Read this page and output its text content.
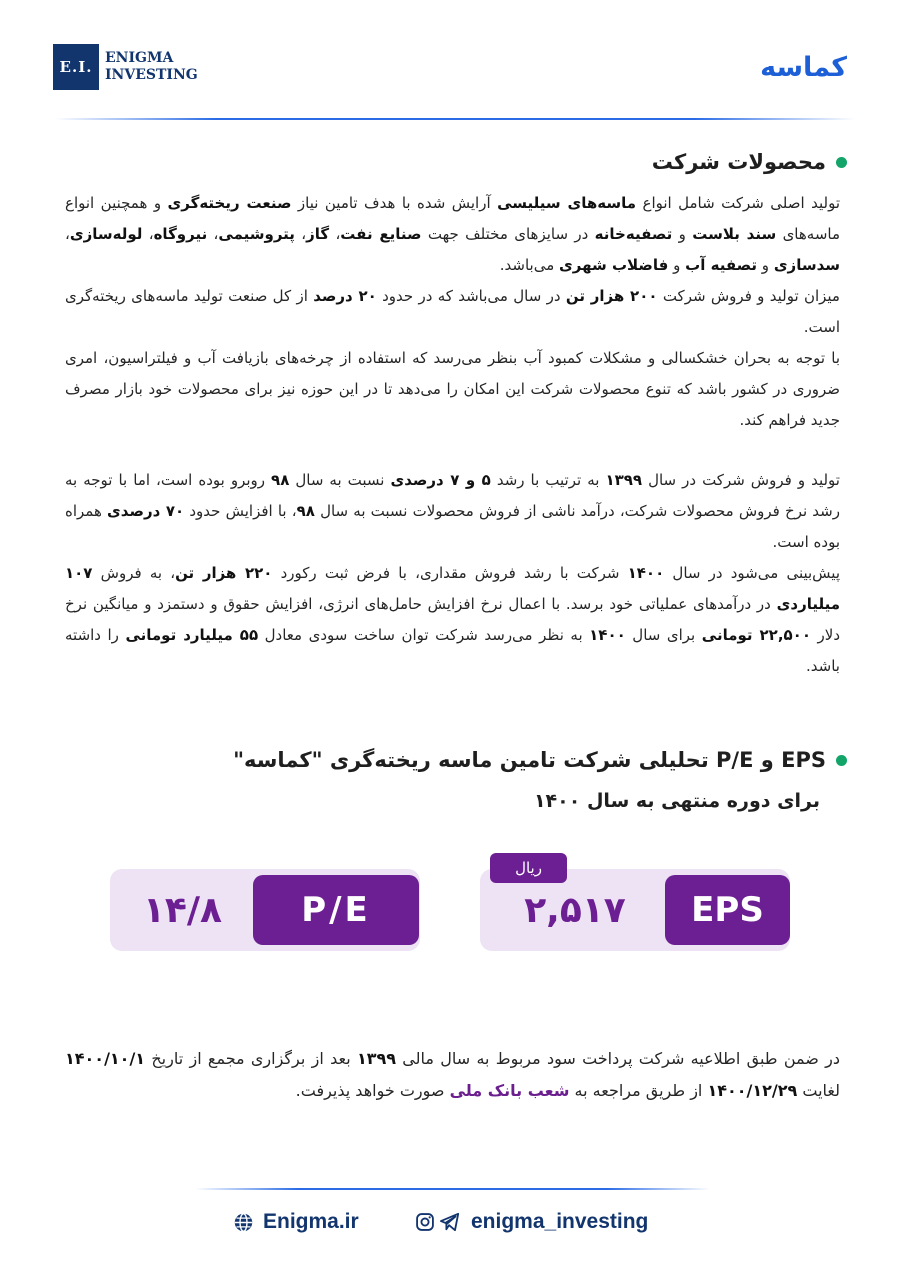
E.I. ENIGMA
INVESTING	کماسه
محصولات شرکت

تولید اصلی شرکت شامل انواع ماسه‌های سیلیسی آرایش شده با هدف تامین نیاز صنعت ریخته‌گری و همچنین انواع ماسه‌های سند بلاست و تصفیه‌خانه در سایزهای مختلف جهت صنایع نفت، گاز، پتروشیمی، نیروگاه، لوله‌سازی، سدسازی و تصفیه آب و فاضلاب شهری می‌باشد.
میزان تولید و فروش شرکت ۲۰۰ هزار تن در سال می‌باشد که در حدود ۲۰ درصد از کل صنعت تولید ماسه‌های ریخته‌گری است.
با توجه به بحران خشکسالی و مشکلات کمبود آب بنظر می‌رسد که استفاده از چرخه‌های بازیافت آب و فیلتراسیون، امری ضروری در کشور باشد که تنوع محصولات شرکت این امکان را می‌دهد تا در این حوزه نیز برای محصولات خود بازار مصرف جدید فراهم کند.

تولید و فروش شرکت در سال ۱۳۹۹ به ترتیب با رشد ۵ و ۷ درصدی نسبت به سال ۹۸ روبرو بوده است، اما با توجه به رشد نرخ فروش محصولات شرکت، درآمد ناشی از فروش محصولات نسبت به سال ۹۸، با افزایش حدود ۷۰ درصدی همراه بوده است.
پیش‌بینی می‌شود در سال ۱۴۰۰ شرکت با رشد فروش مقداری، با فرض ثبت رکورد ۲۲۰ هزار تن، به فروش ۱۰۷ میلیاردی در درآمدهای عملیاتی خود برسد. با اعمال نرخ افزایش حامل‌های انرژی، افزایش حقوق و دستمزد و میانگین نرخ دلار ۲۲,۵۰۰ تومانی برای سال ۱۴۰۰ به نظر می‌رسد شرکت توان ساخت سودی معادل ۵۵ میلیارد تومانی را داشته باشد.

EPS و P/E تحلیلی شرکت تامین ماسه ریخته‌گری "کماسه"
برای دوره منتهی به سال ۱۴۰۰
EPS
۲,۵۱۷
ریال
P/E
۱۴/۸

در ضمن طبق اطلاعیه شرکت پرداخت سود مربوط به سال مالی ۱۳۹۹ بعد از برگزاری مجمع از تاریخ ۱۴۰۰/۱۰/۱ لغایت ۱۴۰۰/۱۲/۲۹ از طریق مراجعه به شعب بانک ملی صورت خواهد پذیرفت.

Enigma.ir	enigma_investing
